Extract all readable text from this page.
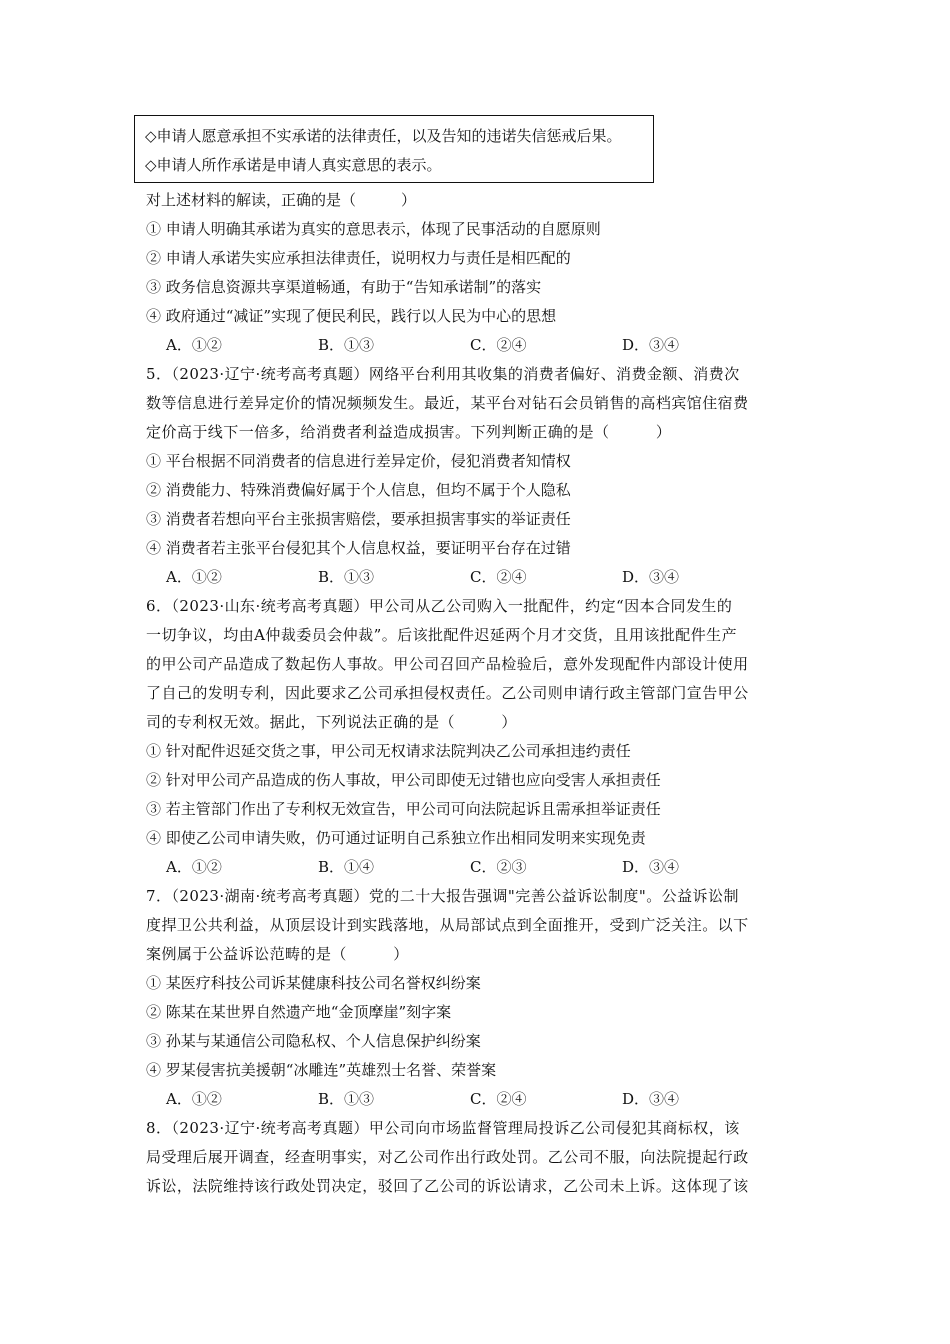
◇申请人愿意承担不实承诺的法律责任，以及告知的违诺失信惩戒后果。
◇申请人所作承诺是申请人真实意思的表示。
对上述材料的解读，正确的是（　　　）
① 申请人明确其承诺为真实的意思表示，体现了民事活动的自愿原则
② 申请人承诺失实应承担法律责任，说明权力与责任是相匹配的
③ 政务信息资源共享渠道畅通，有助于“告知承诺制”的落实
④ 政府通过“减证”实现了便民利民，践行以人民为中心的思想
A．①②	B．①③	C．②④	D．③④
5．（2023·辽宁·统考高考真题）网络平台利用其收集的消费者偏好、消费金额、消费次
数等信息进行差异定价的情况频频发生。最近，某平台对钻石会员销售的高档宾馆住宿费
定价高于线下一倍多，给消费者利益造成损害。下列判断正确的是（　　　）
① 平台根据不同消费者的信息进行差异定价，侵犯消费者知情权
② 消费能力、特殊消费偏好属于个人信息，但均不属于个人隐私
③ 消费者若想向平台主张损害赔偿，要承担损害事实的举证责任
④ 消费者若主张平台侵犯其个人信息权益，要证明平台存在过错
A．①②	B．①③	C．②④	D．③④
6．（2023·山东·统考高考真题）甲公司从乙公司购入一批配件，约定“因本合同发生的
一切争议，均由A仲裁委员会仲裁”。后该批配件迟延两个月才交货，且用该批配件生产
的甲公司产品造成了数起伤人事故。甲公司召回产品检验后，意外发现配件内部设计使用
了自己的发明专利，因此要求乙公司承担侵权责任。乙公司则申请行政主管部门宣告甲公
司的专利权无效。据此，下列说法正确的是（　　　）
① 针对配件迟延交货之事，甲公司无权请求法院判决乙公司承担违约责任
② 针对甲公司产品造成的伤人事故，甲公司即使无过错也应向受害人承担责任
③ 若主管部门作出了专利权无效宣告，甲公司可向法院起诉且需承担举证责任
④ 即使乙公司申请失败，仍可通过证明自己系独立作出相同发明来实现免责
A．①②	B．①④	C．②③	D．③④
7．（2023·湖南·统考高考真题）党的二十大报告强调"完善公益诉讼制度"。公益诉讼制
度捍卫公共利益，从顶层设计到实践落地，从局部试点到全面推开，受到广泛关注。以下
案例属于公益诉讼范畴的是（　　　）
① 某医疗科技公司诉某健康科技公司名誉权纠纷案
② 陈某在某世界自然遗产地“金顶摩崖”刻字案
③ 孙某与某通信公司隐私权、个人信息保护纠纷案
④ 罗某侵害抗美援朝“冰雕连”英雄烈士名誉、荣誉案
A．①②	B．①③	C．②④	D．③④
8．（2023·辽宁·统考高考真题）甲公司向市场监督管理局投诉乙公司侵犯其商标权，该
局受理后展开调查，经查明事实，对乙公司作出行政处罚。乙公司不服，向法院提起行政
诉讼，法院维持该行政处罚决定，驳回了乙公司的诉讼请求，乙公司未上诉。这体现了该
